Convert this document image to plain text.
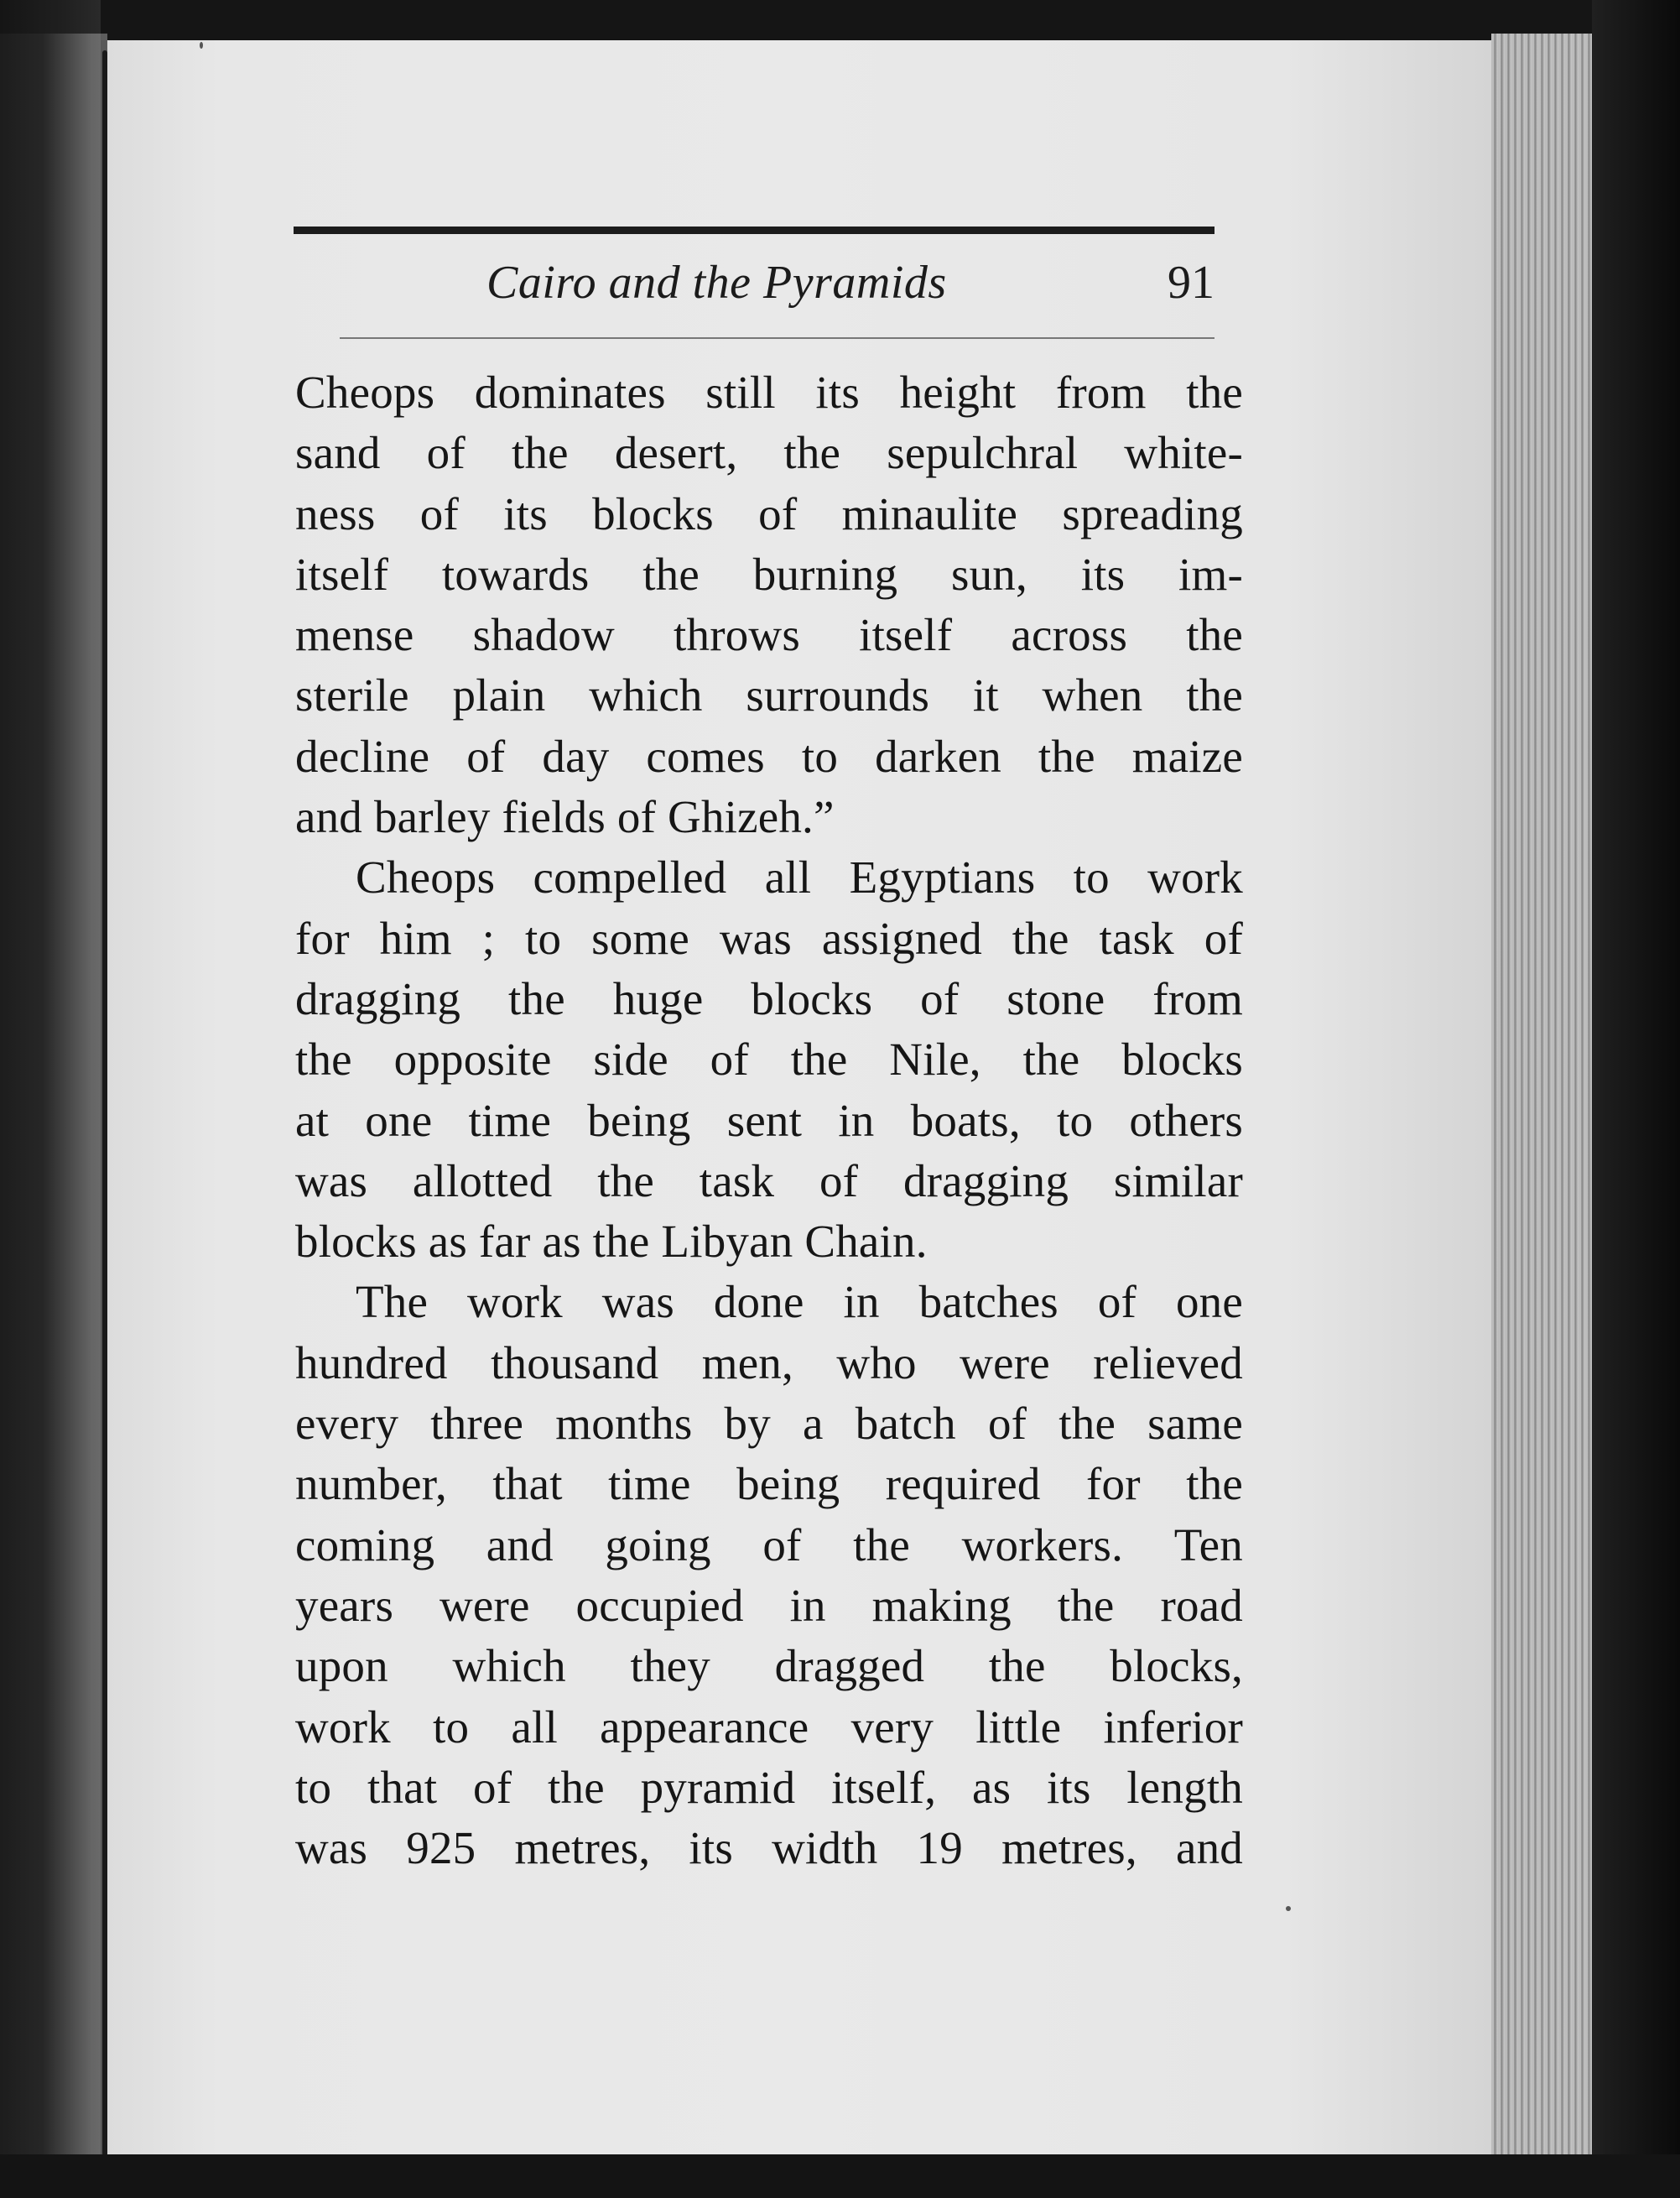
Cairo and the Pyramids	91
Cheops dominates still its height from the
sand of the desert, the sepulchral white-
ness of its blocks of minaulite spreading
itself towards the burning sun, its im-
mense shadow throws itself across the
sterile plain which surrounds it when the
decline of day comes to darken the maize
and barley fields of Ghizeh.”
Cheops compelled all Egyptians to work
for him ; to some was assigned the task of
dragging the huge blocks of stone from
the opposite side of the Nile, the blocks
at one time being sent in boats, to others
was allotted the task of dragging similar
blocks as far as the Libyan Chain.
The work was done in batches of one
hundred thousand men, who were relieved
every three months by a batch of the same
number, that time being required for the
coming and going of the workers. Ten
years were occupied in making the road
upon which they dragged the blocks,
work to all appearance very little inferior
to that of the pyramid itself, as its length
was 925 metres, its width 19 metres, and
